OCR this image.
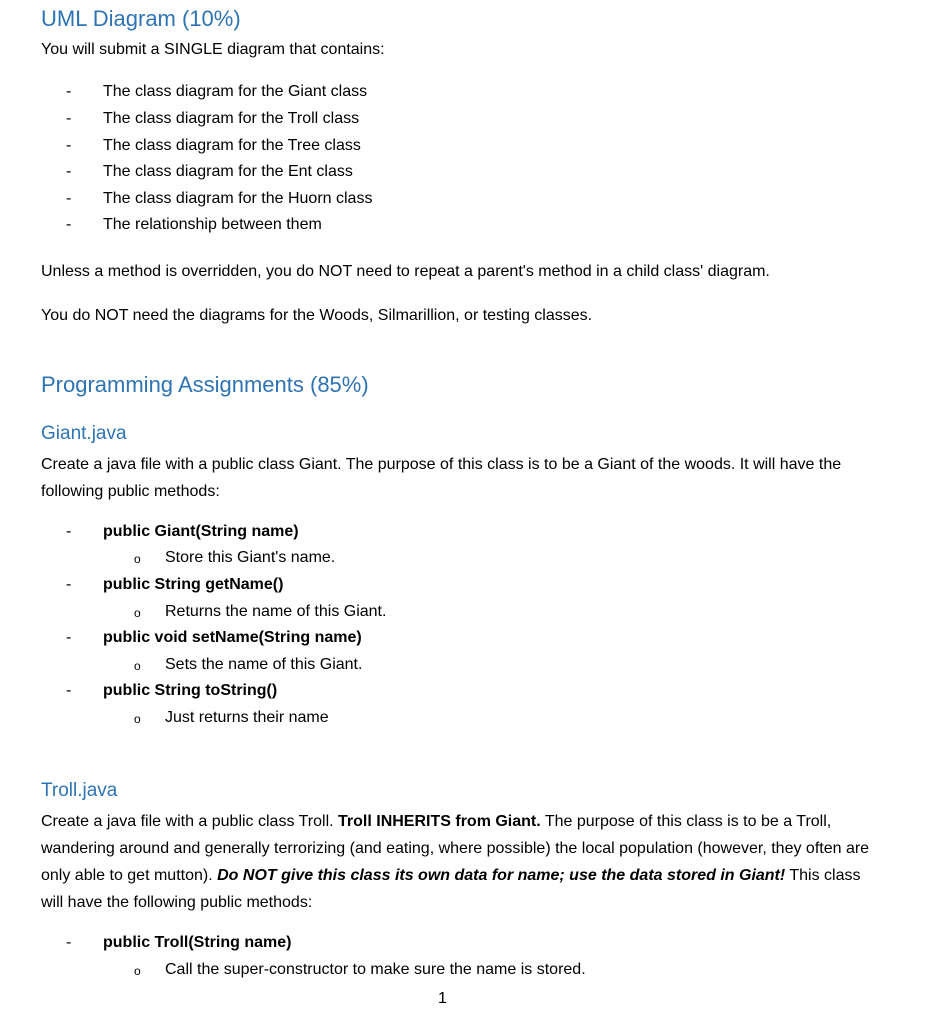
UML Diagram (10%)
You will submit a SINGLE diagram that contains:
- The class diagram for the Giant class
- The class diagram for the Troll class
- The class diagram for the Tree class
- The class diagram for the Ent class
- The class diagram for the Huorn class
- The relationship between them
Unless a method is overridden, you do NOT need to repeat a parent's method in a child class' diagram.
You do NOT need the diagrams for the Woods, Silmarillion, or testing classes.
Programming Assignments (85%)
Giant.java
Create a java file with a public class Giant. The purpose of this class is to be a Giant of the woods. It will have the following public methods:
- public Giant(String name)
o Store this Giant's name.
- public String getName()
o Returns the name of this Giant.
- public void setName(String name)
o Sets the name of this Giant.
- public String toString()
o Just returns their name
Troll.java
Create a java file with a public class Troll. Troll INHERITS from Giant. The purpose of this class is to be a Troll, wandering around and generally terrorizing (and eating, where possible) the local population (however, they often are only able to get mutton). Do NOT give this class its own data for name; use the data stored in Giant! This class will have the following public methods:
- public Troll(String name)
o Call the super-constructor to make sure the name is stored.
1
